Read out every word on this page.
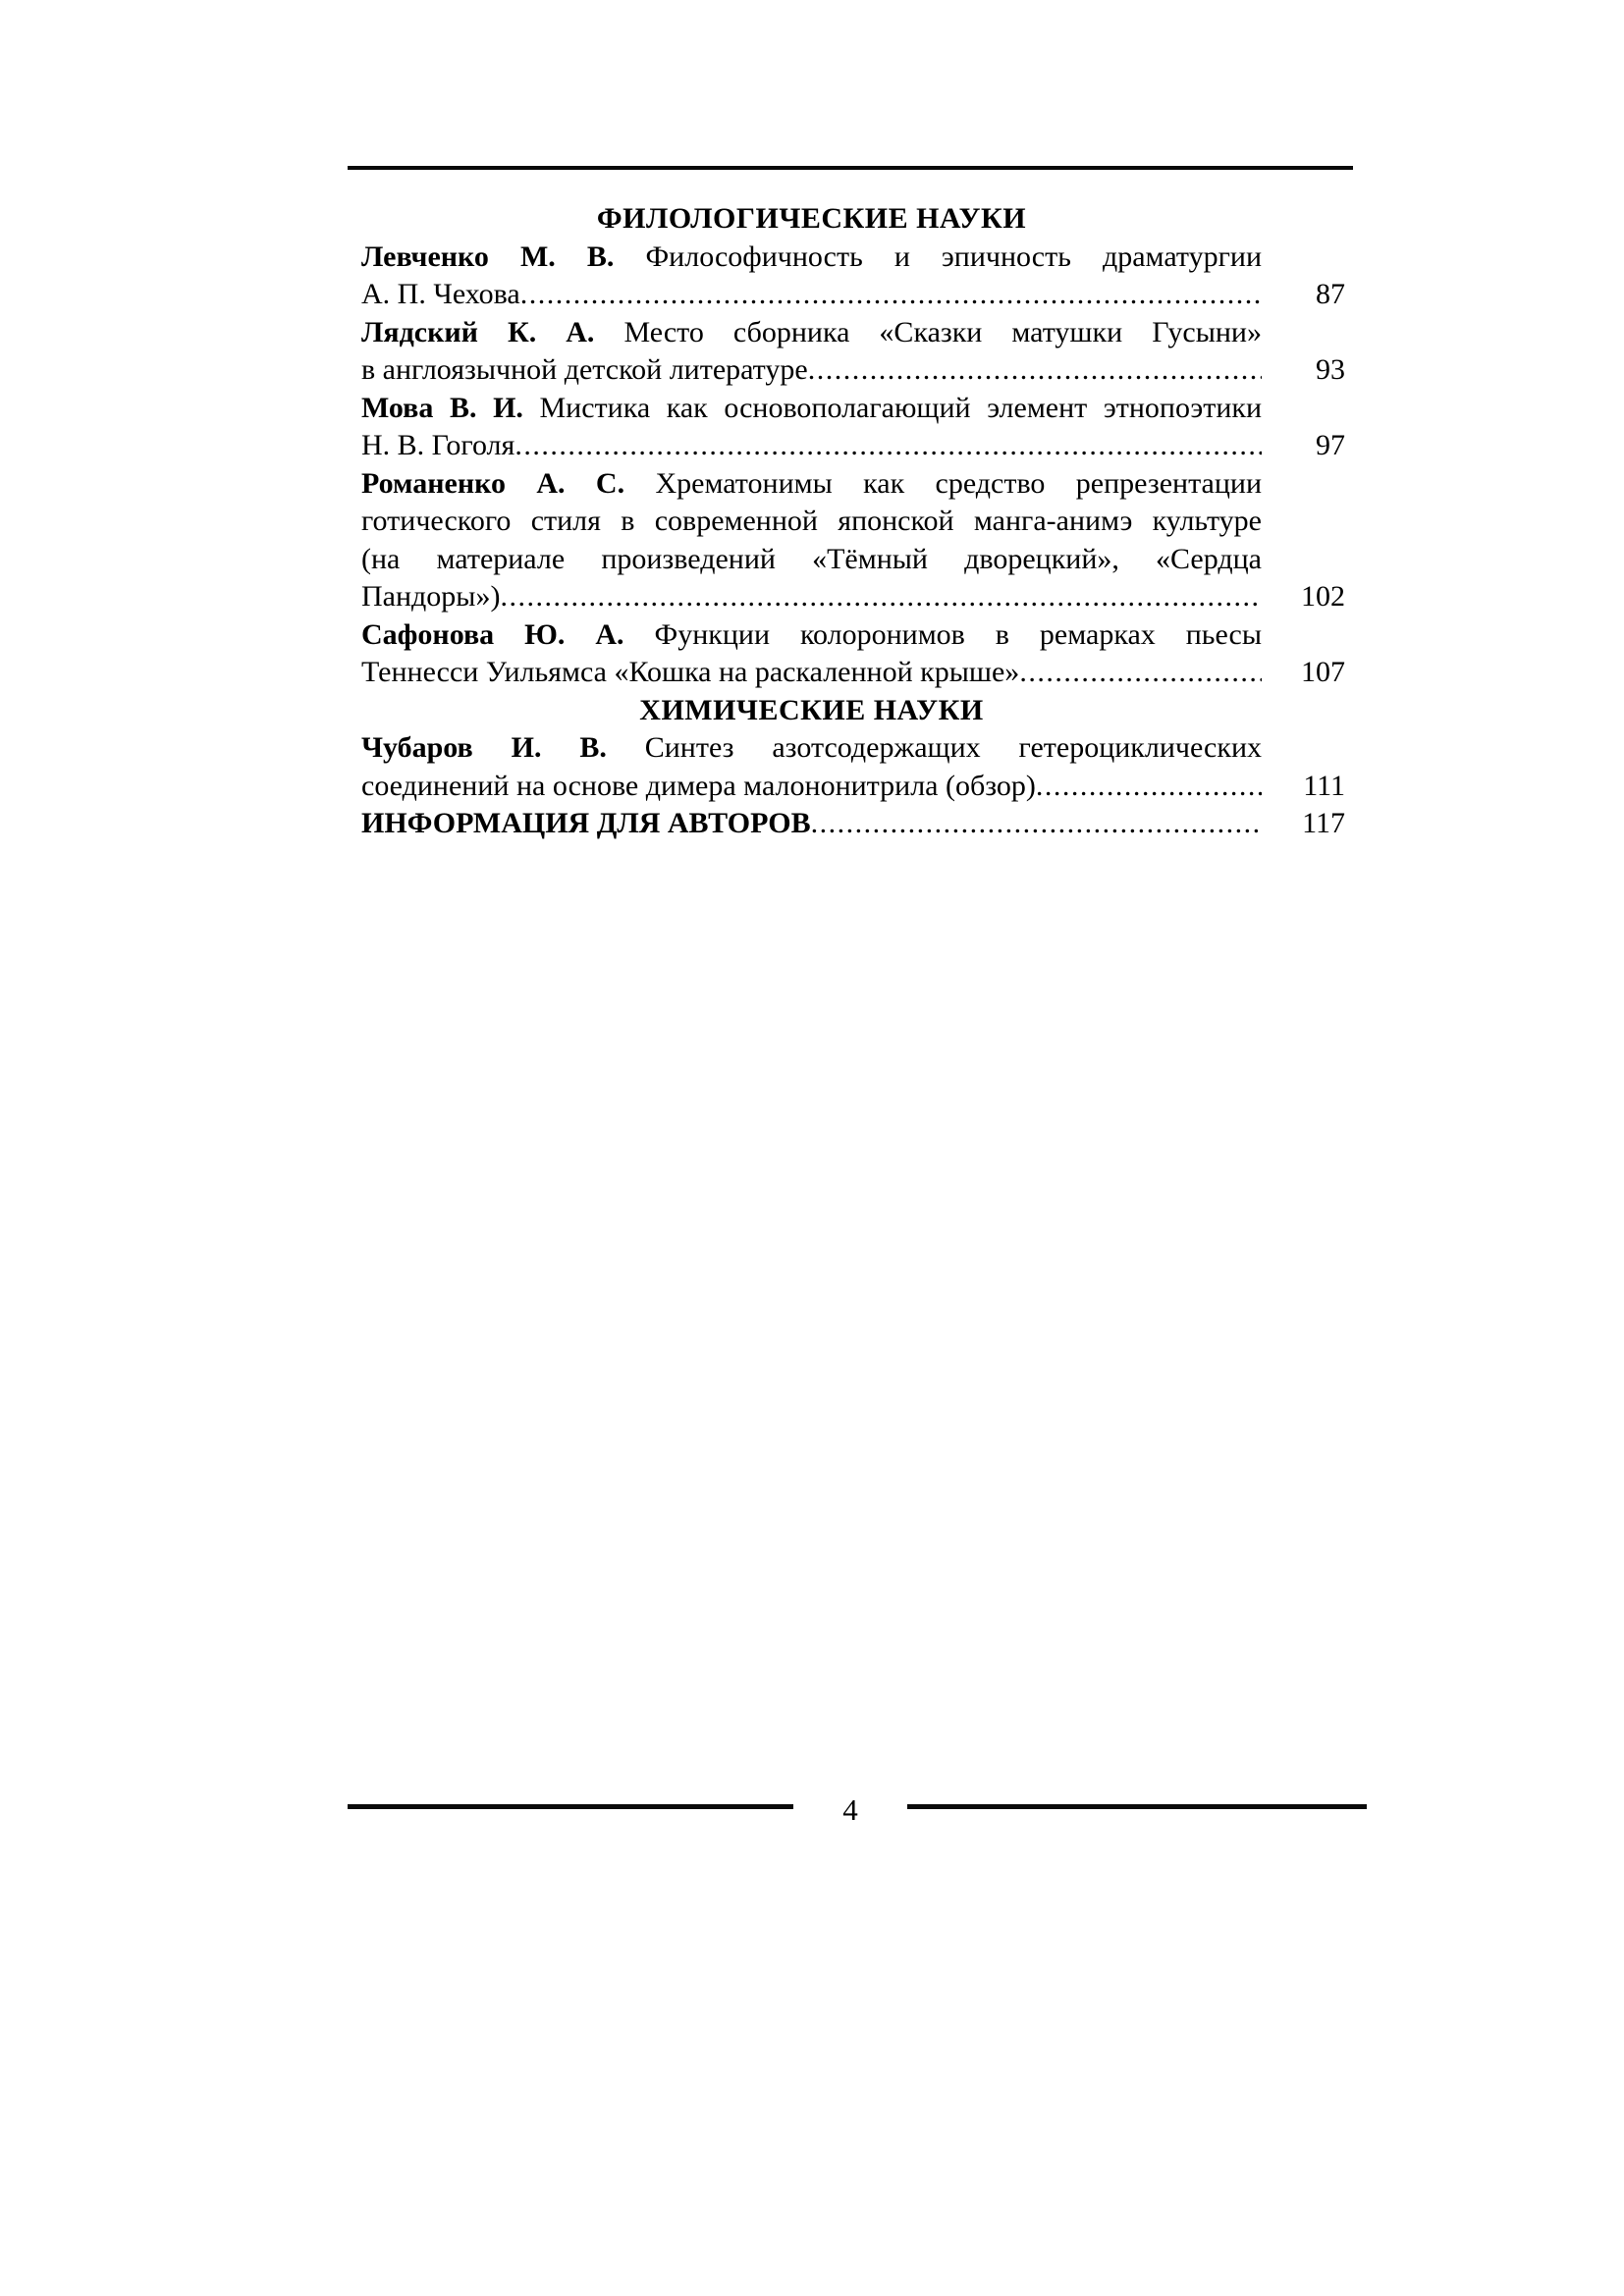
ФИЛОЛОГИЧЕСКИЕ НАУКИ
Левченко М. В. Философичность и эпичность драматургии
А. П. Чехова .....	87
Лядский К. А. Место сборника «Сказки матушки Гусыни»
в англоязычной детской литературе .....	93
Мова В. И. Мистика как основополагающий элемент этнопоэтики
Н. В. Гоголя .....	97
Романенко А. С. Хрематонимы как средство репрезентации
готического стиля в современной японской манга-анимэ культуре
(на материале произведений «Тёмный дворецкий», «Сердца
Пандоры») .....	102
Сафонова Ю. А. Функции колоронимов в ремарках пьесы
Теннесси Уильямса «Кошка на раскаленной крыше» .....	107
ХИМИЧЕСКИЕ НАУКИ
Чубаров И. В. Синтез азотсодержащих гетероциклических
соединений на основе димера малононитрила (обзор) .....	111
ИНФОРМАЦИЯ ДЛЯ АВТОРОВ .....	117
4
